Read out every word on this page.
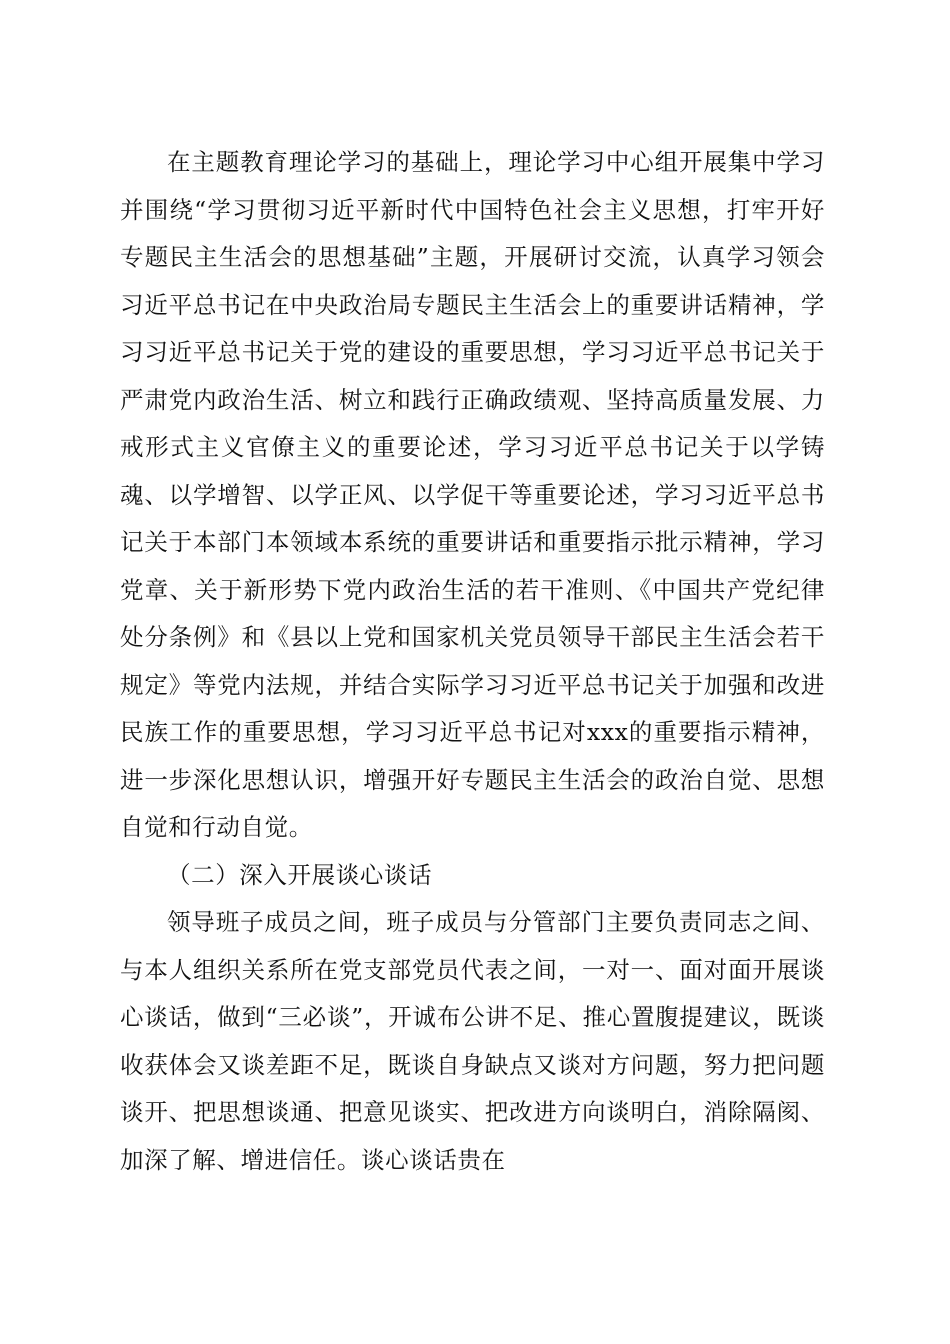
在主题教育理论学习的基础上，理论学习中心组开展集中学习并围绕“学习贯彻习近平新时代中国特色社会主义思想，打牢开好专题民主生活会的思想基础”主题，开展研讨交流，认真学习领会习近平总书记在中央政治局专题民主生活会上的重要讲话精神，学习习近平总书记关于党的建设的重要思想，学习习近平总书记关于严肃党内政治生活、树立和践行正确政绩观、坚持高质量发展、力戒形式主义官僚主义的重要论述，学习习近平总书记关于以学铸魂、以学增智、以学正风、以学促干等重要论述，学习习近平总书记关于本部门本领域本系统的重要讲话和重要指示批示精神，学习党章、关于新形势下党内政治生活的若干准则、《中国共产党纪律处分条例》和《县以上党和国家机关党员领导干部民主生活会若干规定》等党内法规，并结合实际学习习近平总书记关于加强和改进民族工作的重要思想，学习习近平总书记对xxx的重要指示精神，进一步深化思想认识，增强开好专题民主生活会的政治自觉、思想自觉和行动自觉。

（二）深入开展谈心谈话

领导班子成员之间，班子成员与分管部门主要负责同志之间、与本人组织关系所在党支部党员代表之间，一对一、面对面开展谈心谈话，做到“三必谈”，开诚布公讲不足、推心置腹提建议，既谈收获体会又谈差距不足，既谈自身缺点又谈对方问题，努力把问题谈开、把思想谈通、把意见谈实、把改进方向谈明白，消除隔阂、加深了解、增进信任。谈心谈话贵在
